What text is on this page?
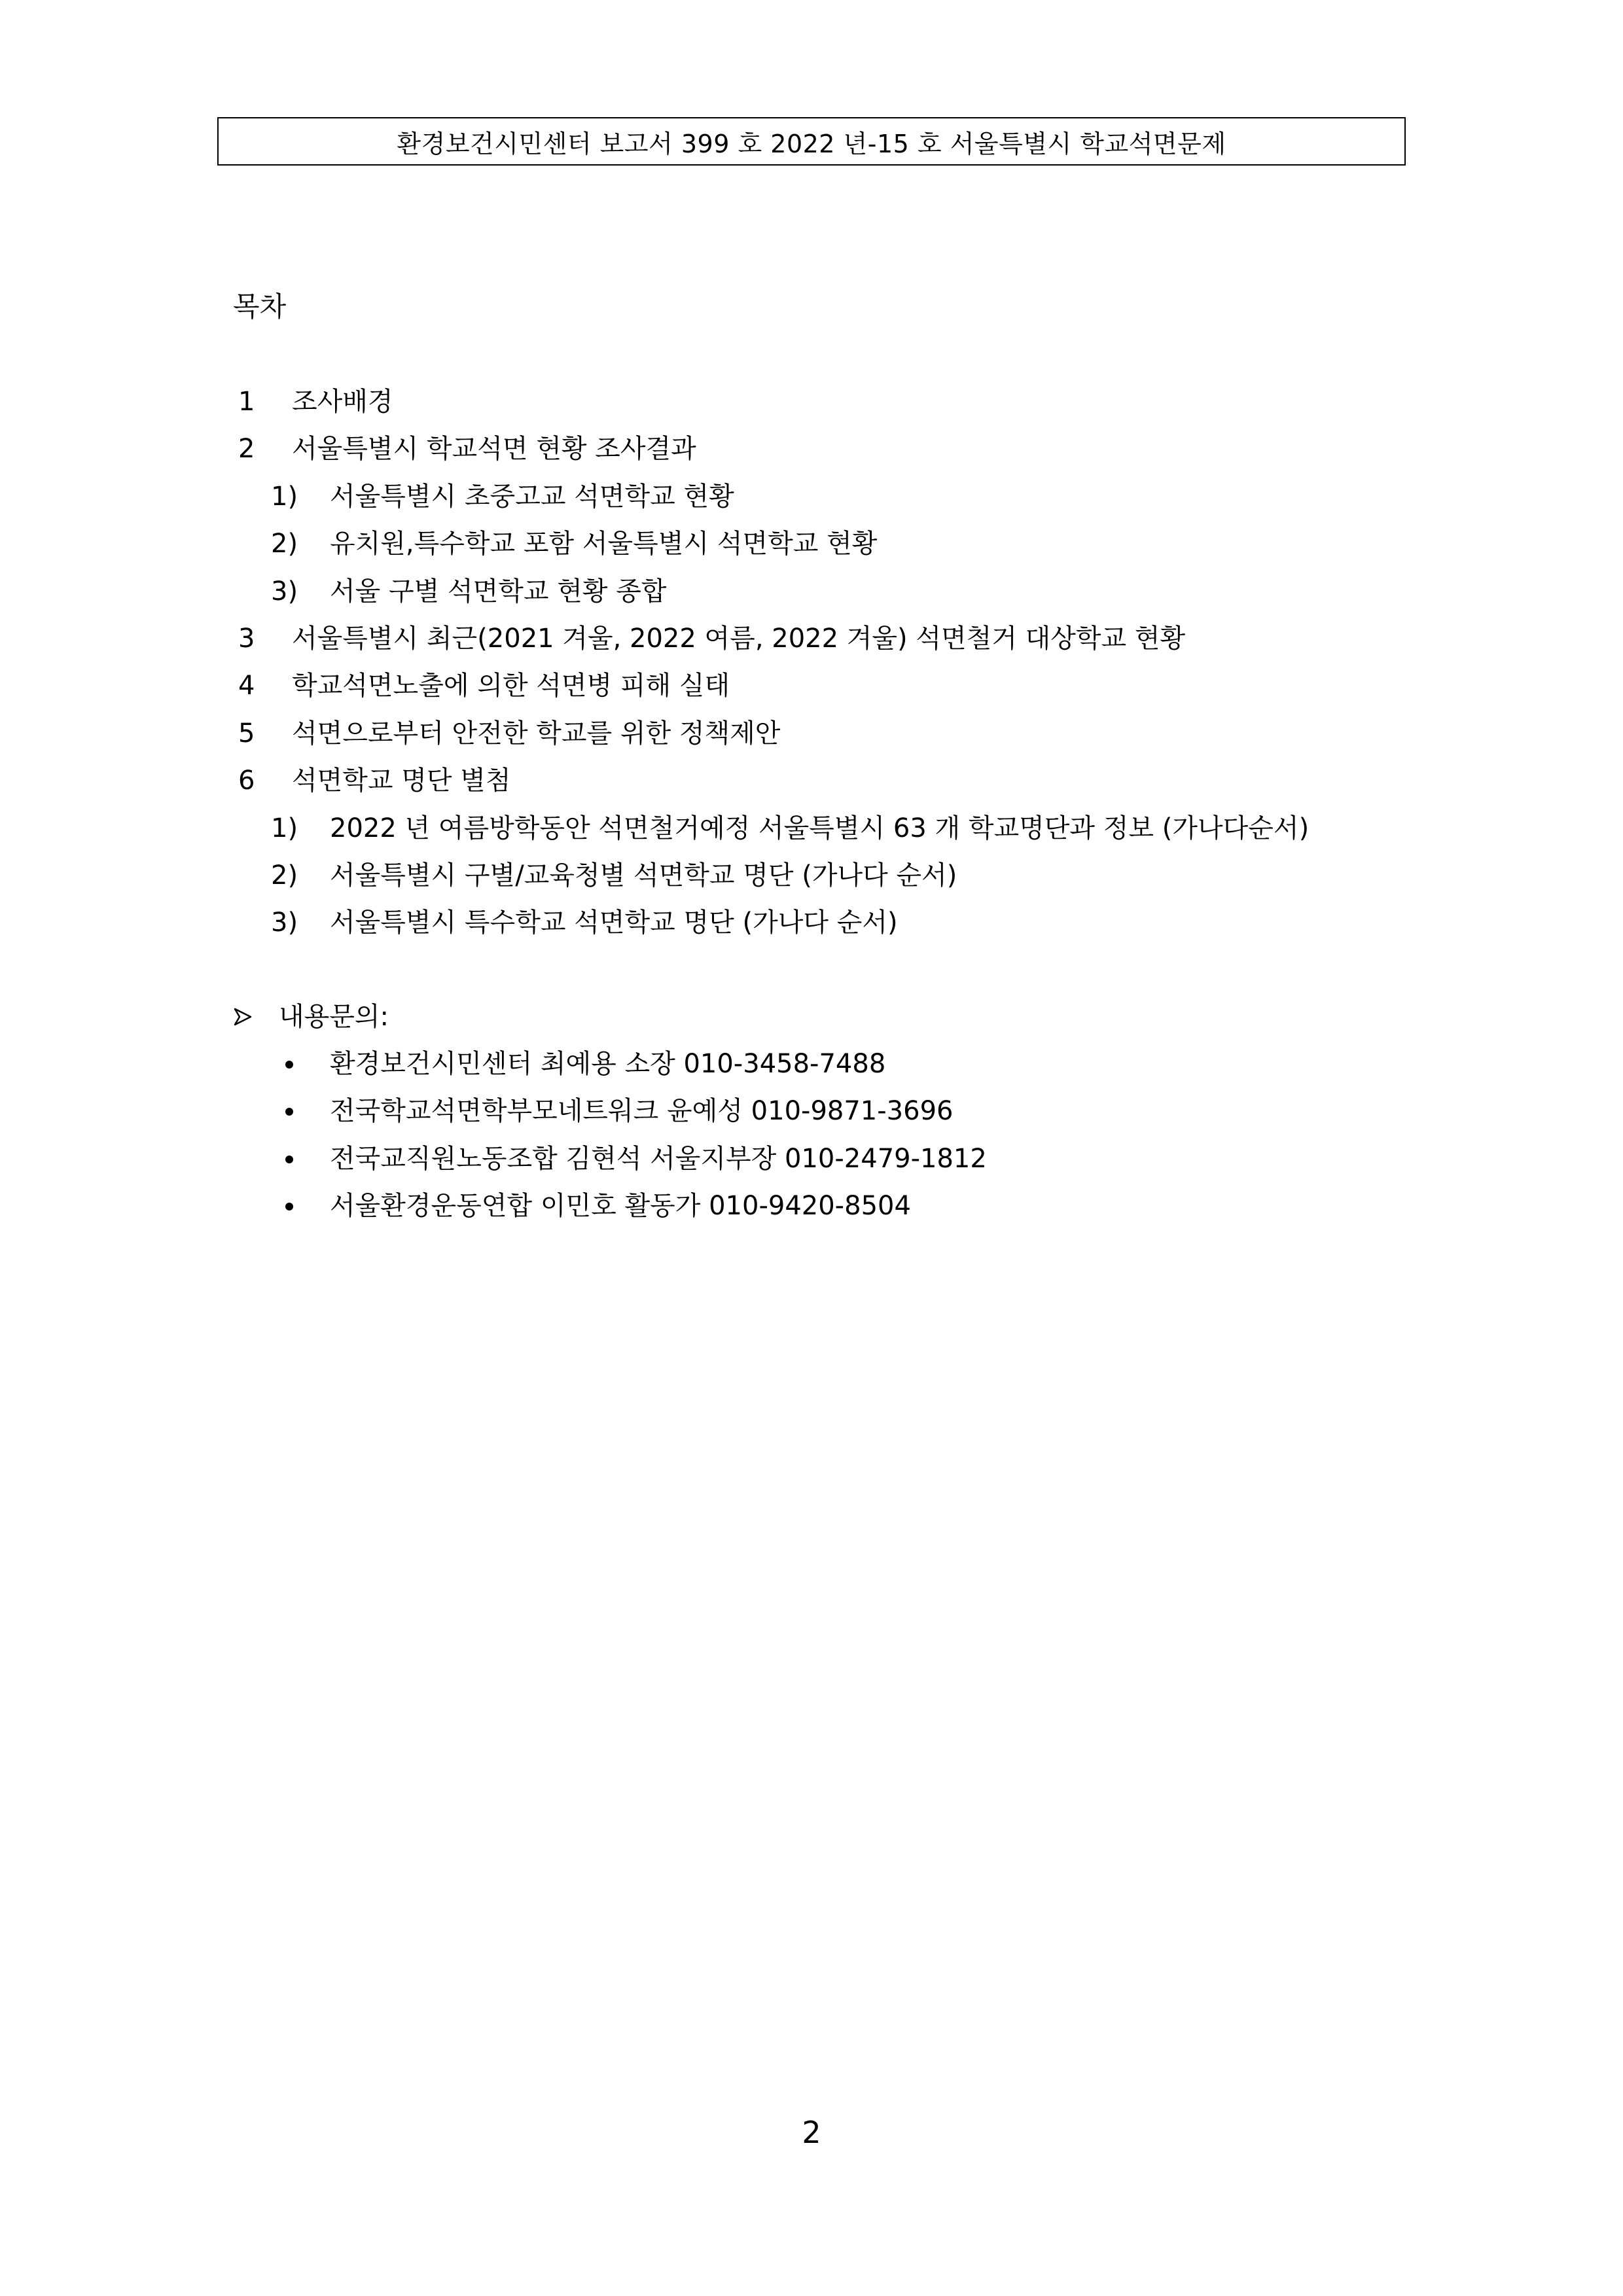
환경보건시민센터 보고서 399 호 2022 년-15 호 서울특별시 학교석면문제
목차
1 조사배경
2 서울특별시 학교석면 현황 조사결과
1) 서울특별시 초중고교 석면학교 현황
2) 유치원,특수학교 포함 서울특별시 석면학교 현황
3) 서울 구별 석면학교 현황 종합
3 서울특별시 최근(2021 겨울, 2022 여름, 2022 겨울) 석면철거 대상학교 현황
4 학교석면노출에 의한 석면병 피해 실태
5 석면으로부터 안전한 학교를 위한 정책제안
6 석면학교 명단 별첨
1) 2022 년 여름방학동안 석면철거예정 서울특별시 63 개 학교명단과 정보 (가나다순서)
2) 서울특별시 구별/교육청별 석면학교 명단 (가나다 순서)
3) 서울특별시 특수학교 석면학교 명단 (가나다 순서)
내용문의:
환경보건시민센터 최예용 소장 010-3458-7488
전국학교석면학부모네트워크 윤예성 010-9871-3696
전국교직원노동조합 김현석 서울지부장 010-2479-1812
서울환경운동연합 이민호 활동가 010-9420-8504
2
